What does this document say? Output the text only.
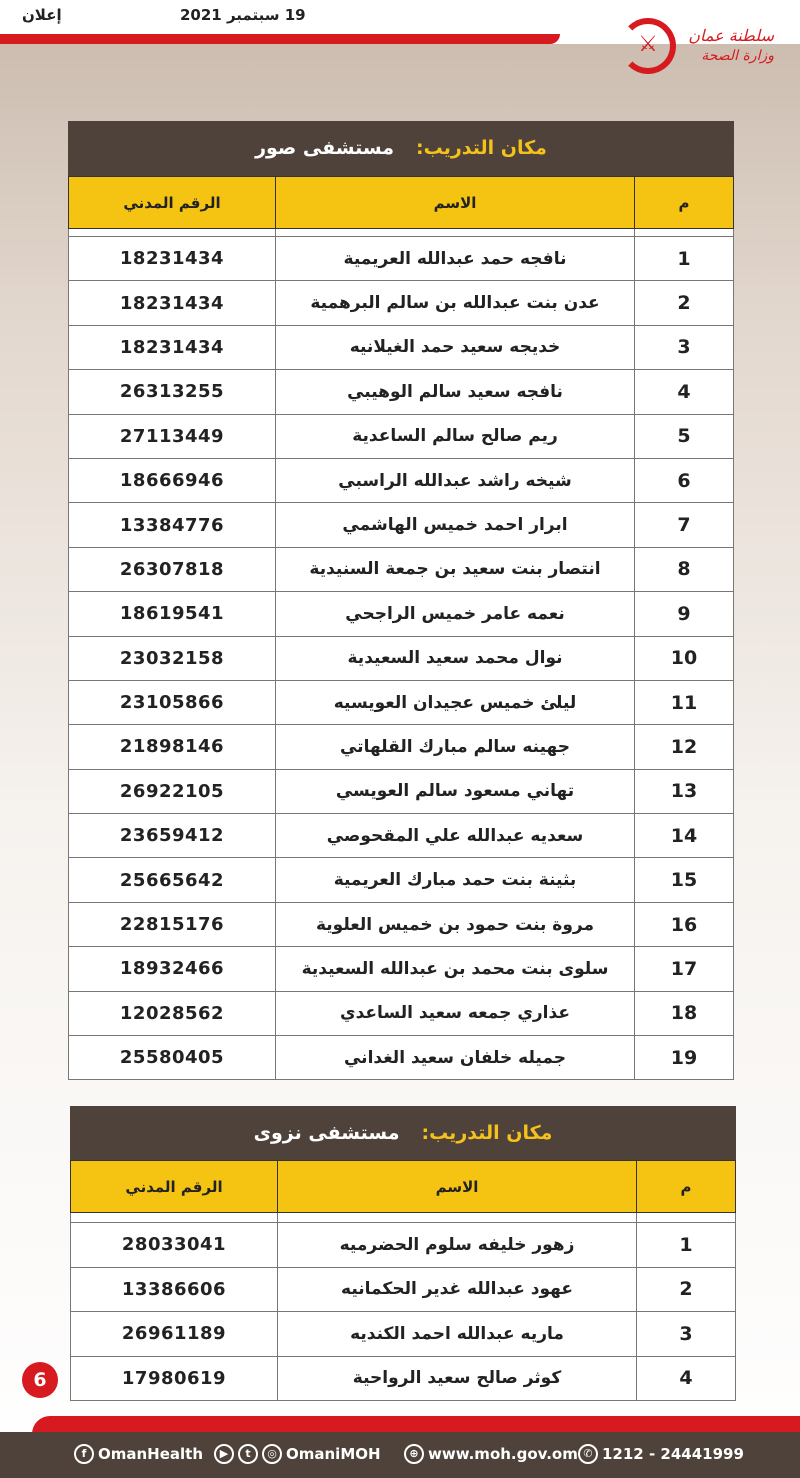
إعلان	19 سبتمبر 2021
⚔	سلطنة عمان
وزارة الصحة
مكان التدريب:مستشفى صور
م	الاسم	الرقم المدني

1	نافجه حمد عبدالله العريمية	18231434
2	عدن بنت عبدالله بن سالم البرهمية	18231434
3	خديجه سعيد حمد الغيلانيه	18231434
4	نافجه سعيد سالم الوهيبي	26313255
5	ريم صالح سالم الساعدية	27113449
6	شيخه راشد عبدالله الراسبي	18666946
7	ابرار احمد خميس الهاشمي	13384776
8	انتصار بنت سعيد بن جمعة السنيدية	26307818
9	نعمه عامر خميس الراجحي	18619541
10	نوال محمد سعيد السعيدية	23032158
11	ليلئ خميس عجيدان العويسيه	23105866
12	جهينه سالم مبارك القلهاتي	21898146
13	تهاني مسعود سالم العويسي	26922105
14	سعديه عبدالله علي المقحوصي	23659412
15	بثينة بنت حمد مبارك العريمية	25665642
16	مروة بنت حمود بن خميس العلوية	22815176
17	سلوى بنت محمد بن عبدالله السعيدية	18932466
18	عذاري جمعه سعيد الساعدي	12028562
19	جميله خلفان سعيد الغداني	25580405
مكان التدريب:مستشفى نزوى
م	الاسم	الرقم المدني

1	زهور خليفه سلوم الحضرميه	28033041
2	عهود عبدالله غدير الحكمانيه	13386606
3	ماريه عبدالله احمد الكنديه	26961189
4	كوثر صالح سعيد الرواحية	17980619
6
f OmanHealth	▶	t	◎ OmaniMOH	⊕ www.moh.gov.om ✆ 1212 - 24441999
